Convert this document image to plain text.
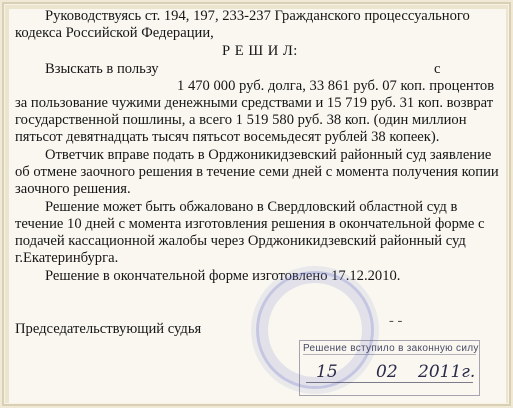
Руководствуясь ст. 194, 197, 233-237 Гражданского процессуального
кодекса Российской Федерации,
Р Е Ш И Л:
Взыскать в пользу	с
1 470 000 руб. долга, 33 861 руб. 07 коп. процентов
за пользование чужими денежными средствами и 15 719 руб. 31 коп. возврат
государственной пошлины, а всего 1 519 580 руб. 38 коп. (один миллион
пятьсот девятнадцать тысяч пятьсот восемьдесят рублей 38 копеек).
Ответчик вправе подать в Орджоникидзевский районный суд заявление
об отмене заочного решения в течение семи дней с момента получения копии
заочного решения.
Решение может быть обжаловано в Свердловский областной суд в
течение 10 дней с момента изготовления решения в окончательной форме с
подачей кассационной жалобы через Орджоникидзевский районный суд
г.Екатеринбурга.
Решение в окончательной форме изготовлено 17.12.2010.
Председательствующий судья	- -
Решение вступило в законную силу
15 02 2011г.
